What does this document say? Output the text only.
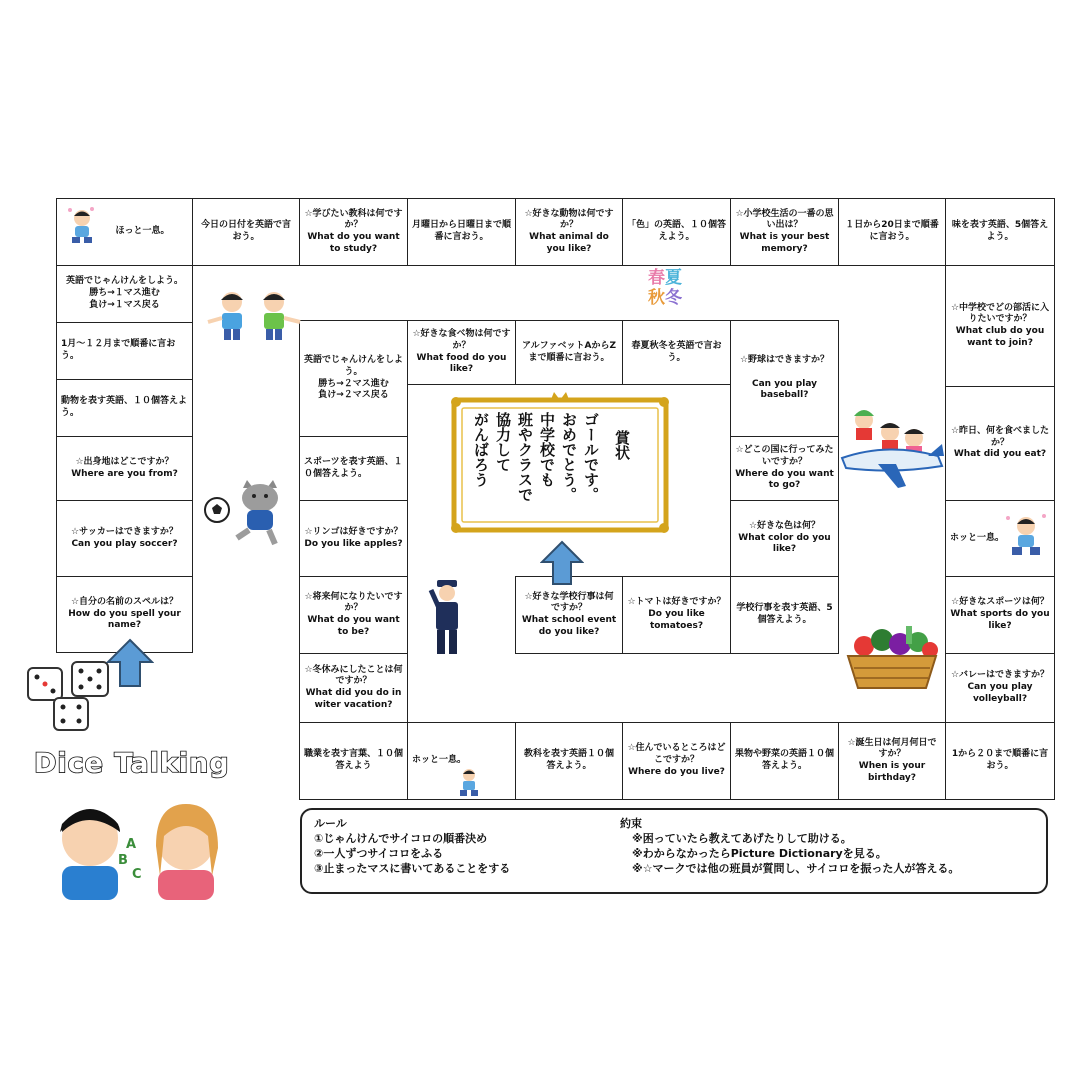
ほっと一息。
今日の日付を英語で言おう。
☆学びたい教科は何ですか？
What do you want to study?
月曜日から日曜日まで順番に言おう。
☆好きな動物は何ですか？
What animal do you like?
「色」の英語、１０個答えよう。
☆小学校生活の一番の思い出は？
What is your best memory?
１日から20日まで順番に言おう。
味を表す英語、5個答えよう。
英語でじゃんけんをしよう。
勝ち→１マス進む
負け→１マス戻る
1月～１２月まで順番に言おう。
動物を表す英語、１０個答えよう。
☆出身地はどこですか？
Where are you from?
☆サッカーはできますか？
Can you play soccer?
☆自分の名前のスペルは？
How do you spell your name?
英語でじゃんけんをしよう。
勝ち→２マス進む
負け→２マス戻る
スポーツを表す英語、１０個答えよう。
☆リンゴは好きですか？
Do you like apples?
☆将来何になりたいですか？
What do you want to be?
☆冬休みにしたことは何ですか？
What did you do in witer vacation?
☆好きな食べ物は何ですか？
What food do you like?
アルファベットAからZまで順番に言おう。
春夏秋冬を英語で言おう。	☆野球はできますか？

Can you play baseball?
☆どこの国に行ってみたいですか？
Where do you want to go?
☆好きな色は何？
What color do you like?
学校行事を表す英語、5個答えよう。
☆トマトは好きですか？
Do you like tomatoes?
☆好きな学校行事は何ですか？
What school event do you like?
☆中学校でどの部活に入りたいですか？
What club do you want to join?
☆昨日、何を食べましたか？
What did you eat?
ホッと一息。
☆好きなスポーツは何？
What sports do you like?
☆バレーはできますか？
Can you play volleyball?
職業を表す言葉、１０個答えよう
ホッと一息。
教科を表す英語１０個答えよう。
☆住んでいるところはどこですか？
Where do you live?
果物や野菜の英語１０個答えよう。
☆誕生日は何月何日ですか？
When is your birthday?
1から２０まで順番に言おう。
春夏
秋冬
賞状
ゴールです。
おめでとう。
中学校でも
班やクラスで
協力して
がんばろう
Dice Talking
A
B
C
ルール
①じゃんけんでサイコロの順番決め
②一人ずつサイコロをふる
③止まったマスに書いてあることをする
約束
※困っていたら教えてあげたりして助ける。
※わからなかったらPicture Dictionaryを見る。
※☆マークでは他の班員が質問し、サイコロを振った人が答える。
